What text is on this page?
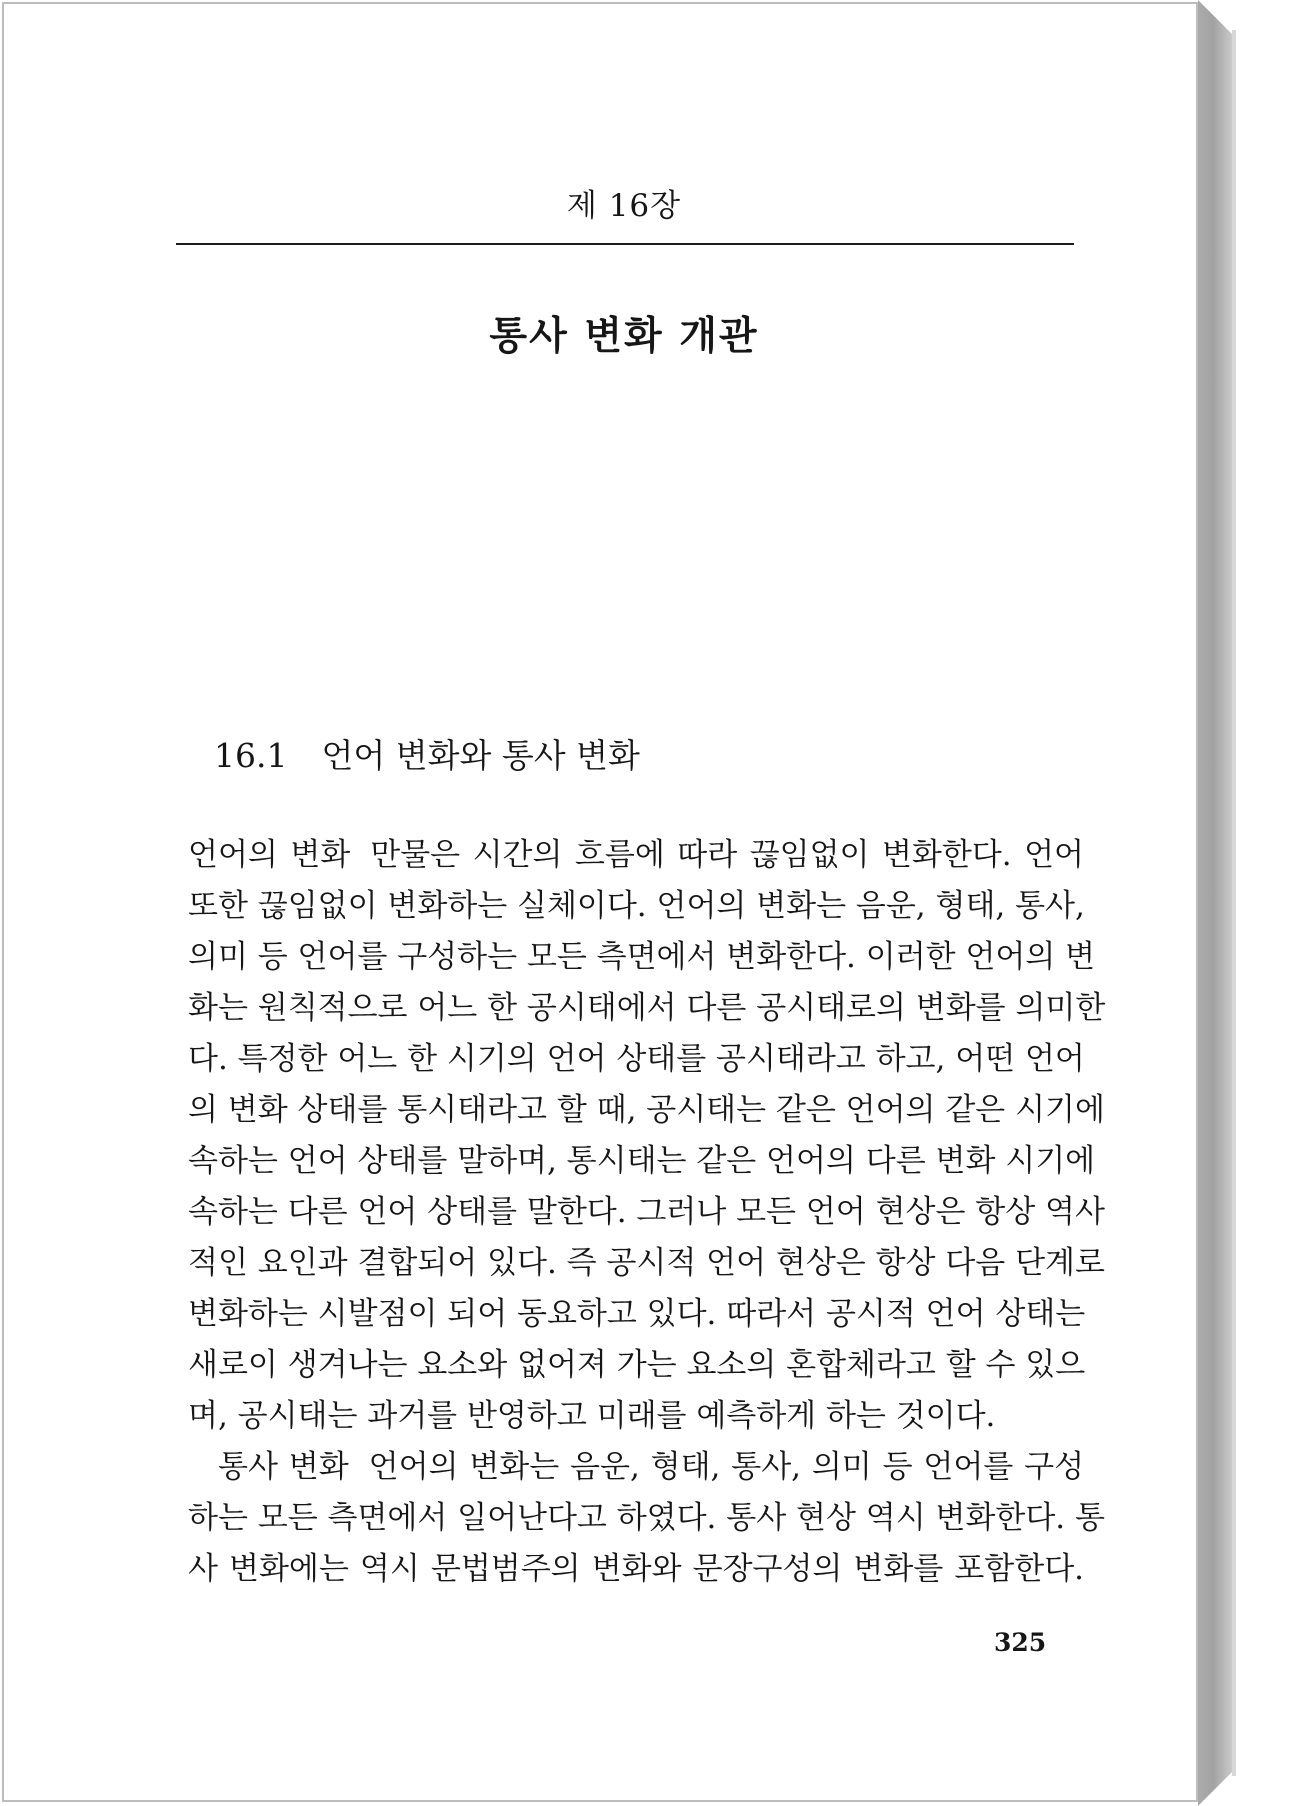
제 16장
통사 변화 개관
16.1 언어 변화와 통사 변화
언어의 변화 만물은 시간의 흐름에 따라 끊임없이 변화한다. 언어
또한 끊임없이 변화하는 실체이다. 언어의 변화는 음운, 형태, 통사,
의미 등 언어를 구성하는 모든 측면에서 변화한다. 이러한 언어의 변
화는 원칙적으로 어느 한 공시태에서 다른 공시태로의 변화를 의미한
다. 특정한 어느 한 시기의 언어 상태를 공시태라고 하고, 어떤 언어
의 변화 상태를 통시태라고 할 때, 공시태는 같은 언어의 같은 시기에
속하는 언어 상태를 말하며, 통시태는 같은 언어의 다른 변화 시기에
속하는 다른 언어 상태를 말한다. 그러나 모든 언어 현상은 항상 역사
적인 요인과 결합되어 있다. 즉 공시적 언어 현상은 항상 다음 단계로
변화하는 시발점이 되어 동요하고 있다. 따라서 공시적 언어 상태는
새로이 생겨나는 요소와 없어져 가는 요소의 혼합체라고 할 수 있으
며, 공시태는 과거를 반영하고 미래를 예측하게 하는 것이다.
통사 변화 언어의 변화는 음운, 형태, 통사, 의미 등 언어를 구성
하는 모든 측면에서 일어난다고 하였다. 통사 현상 역시 변화한다. 통
사 변화에는 역시 문법범주의 변화와 문장구성의 변화를 포함한다.
325
